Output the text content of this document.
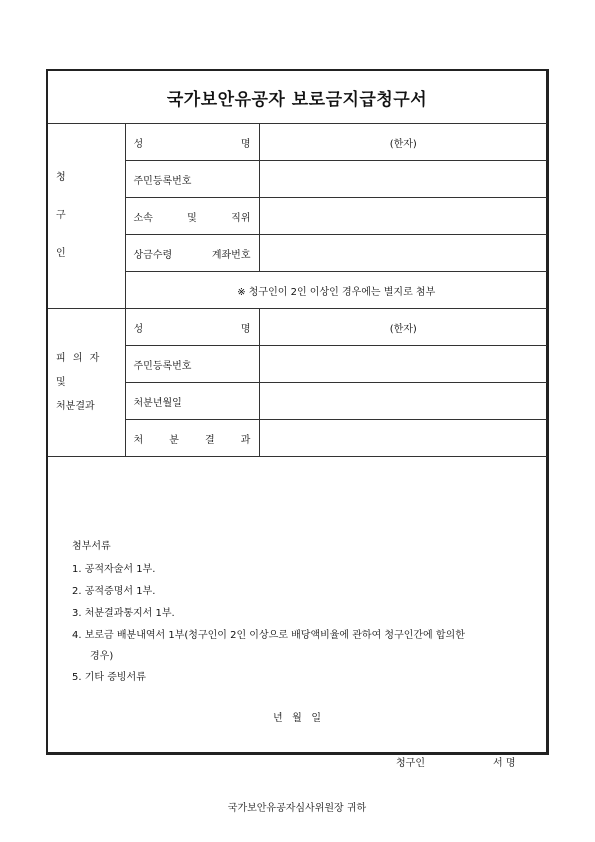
국가보안유공자 보로금지급청구서
청
구
인	성 명	(한자)
	주민등록번호	

	소속 및 직위	

	상금수령 계좌번호	

	※ 청구인이 2인 이상인 경우에는 별지로 첨부	

피 의 자
및
처분결과	성 명	(한자)
	주민등록번호	
	처분년월일	

	처 분 결 과	

첨부서류
1. 공적자술서 1부.
2. 공적증명서 1부.
3. 처분결과통지서 1부.
4. 보로금 배분내역서 1부(청구인이 2인 이상으로 배당액비율에 관하여 청구인간에 합의한
경우)
5. 기타 증빙서류
년   월   일
청구인	서 명
국가보안유공자심사위원장 귀하
